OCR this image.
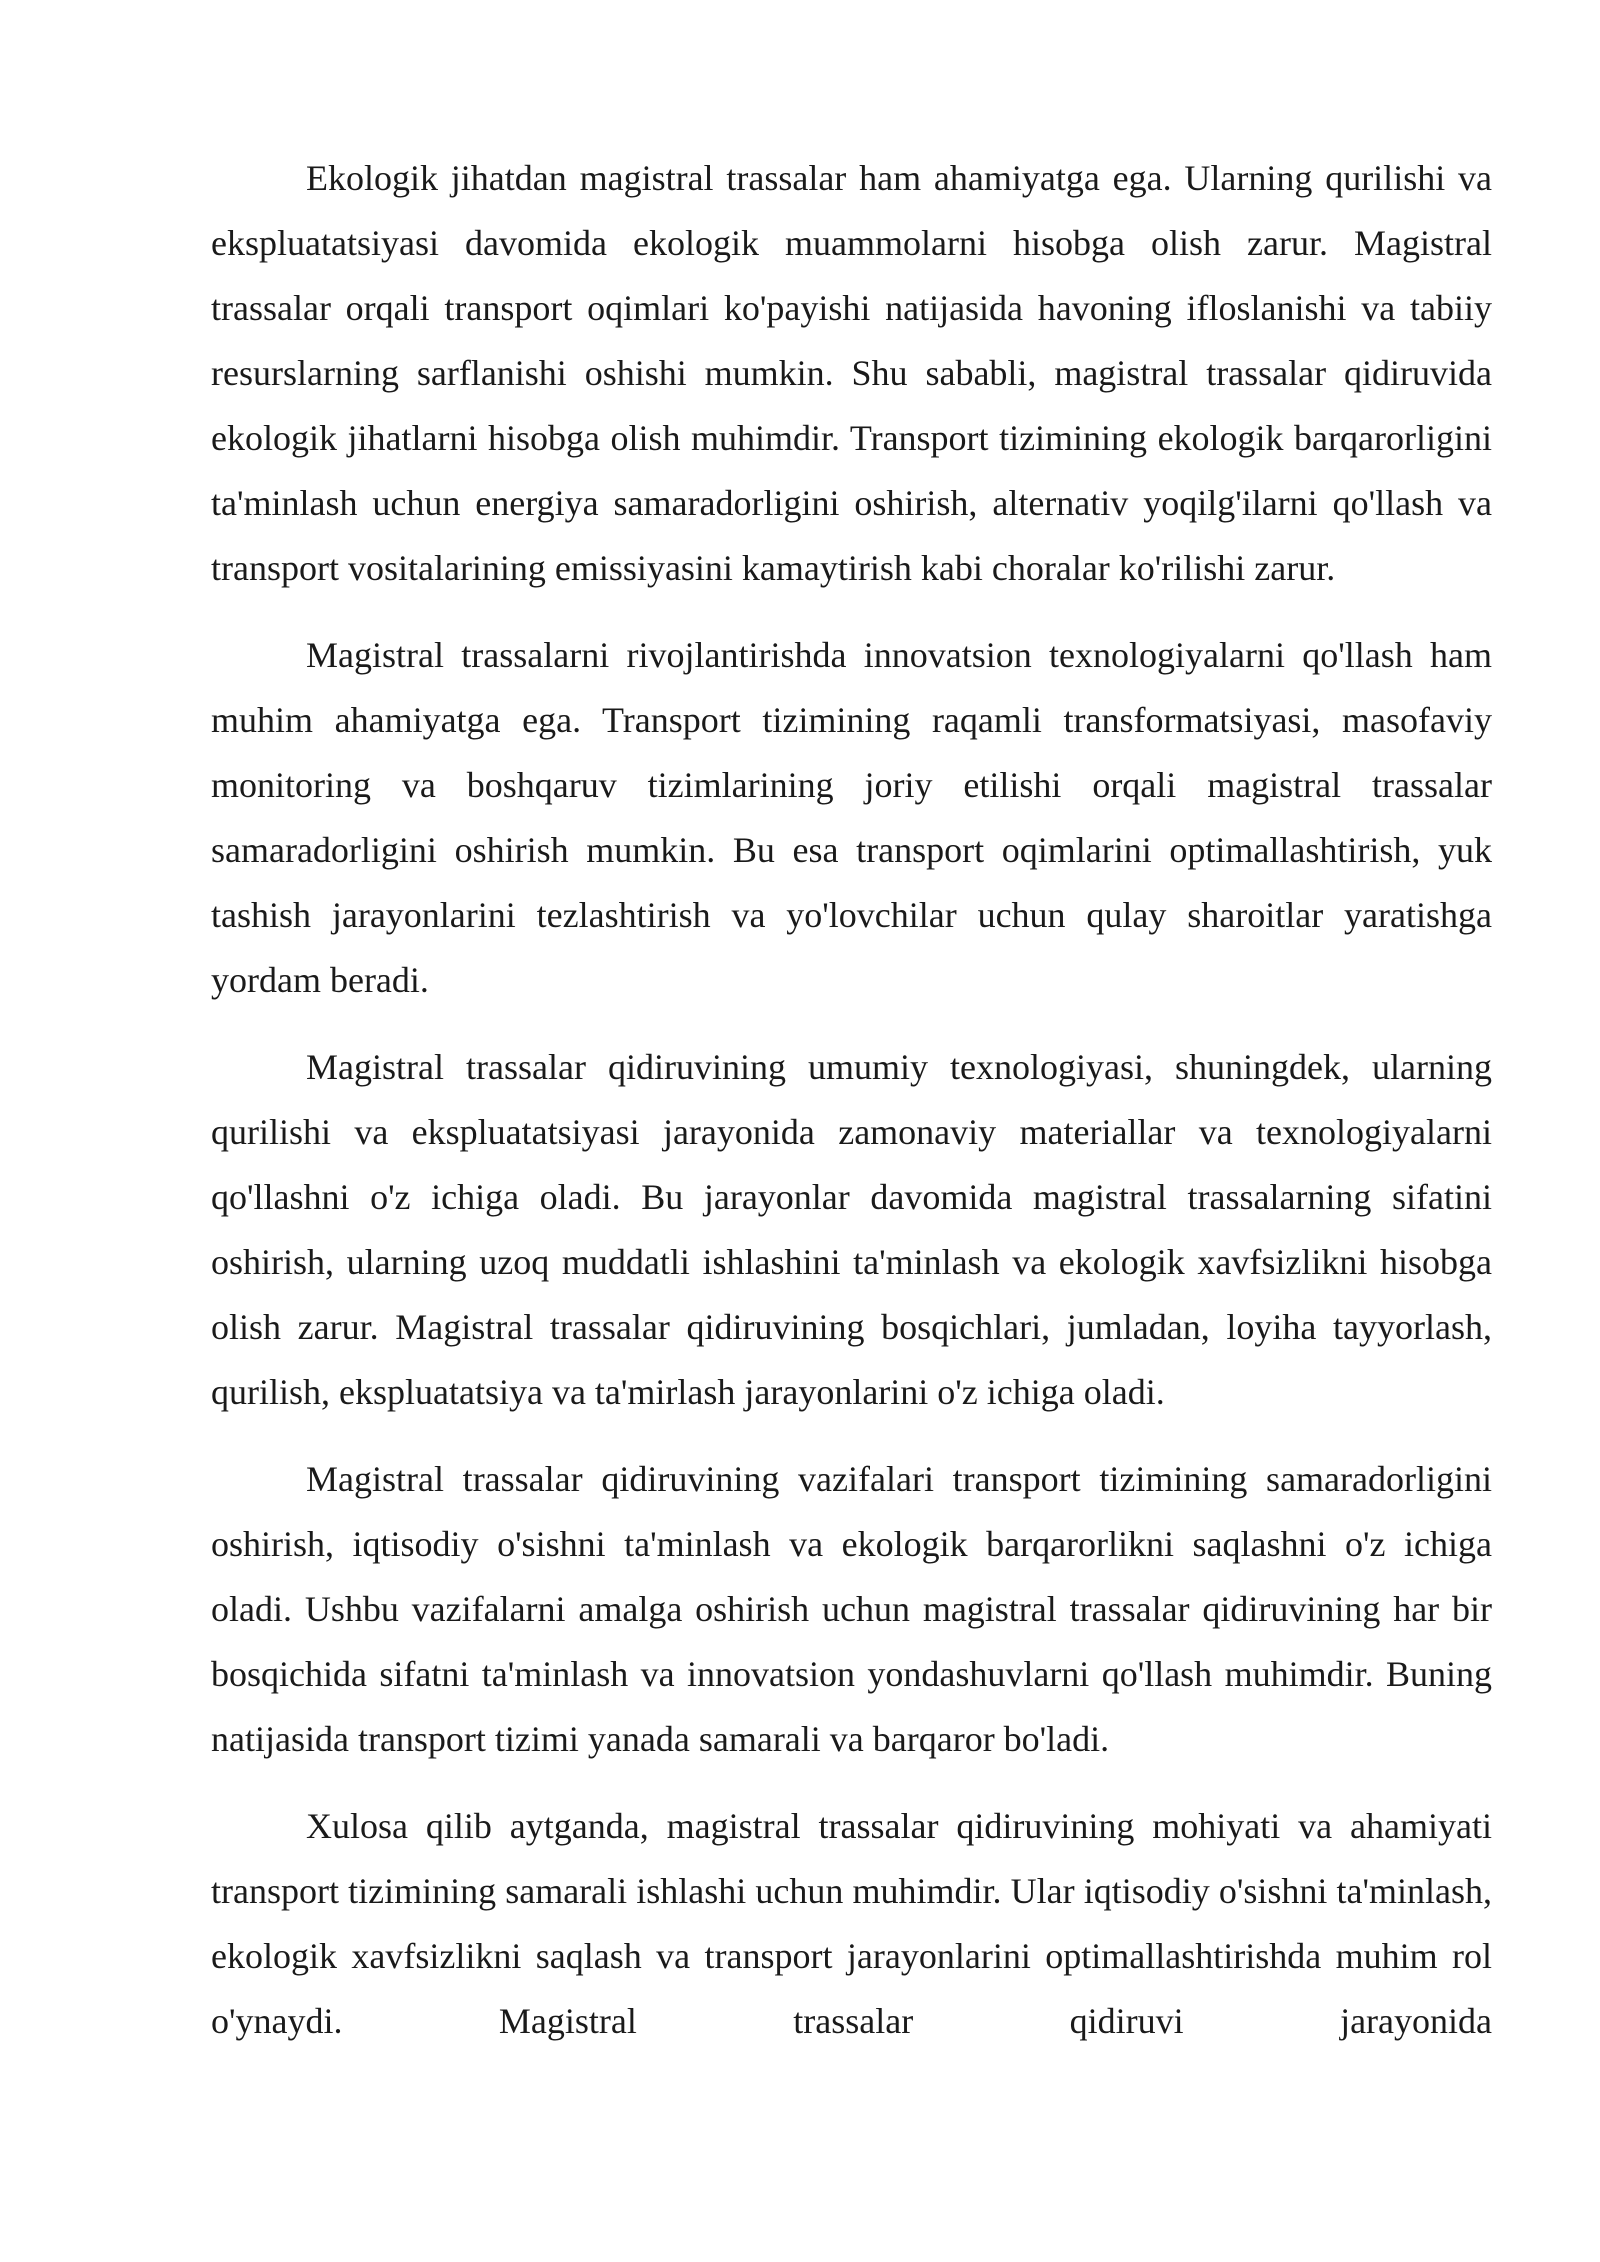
Ekologik jihatdan magistral trassalar ham ahamiyatga ega. Ularning qurilishi va ekspluatatsiyasi davomida ekologik muammolarni hisobga olish zarur. Magistral trassalar orqali transport oqimlari ko'payishi natijasida havoning ifloslanishi va tabiiy resurslarning sarflanishi oshishi mumkin. Shu sababli, magistral trassalar qidiruvida ekologik jihatlarni hisobga olish muhimdir. Transport tizimining ekologik barqarorligini ta'minlash uchun energiya samaradorligini oshirish, alternativ yoqilg'ilarni qo'llash va transport vositalarining emissiyasini kamaytirish kabi choralar ko'rilishi zarur.

Magistral trassalarni rivojlantirishda innovatsion texnologiyalarni qo'llash ham muhim ahamiyatga ega. Transport tizimining raqamli transformatsiyasi, masofaviy monitoring va boshqaruv tizimlarining joriy etilishi orqali magistral trassalar samaradorligini oshirish mumkin. Bu esa transport oqimlarini optimallashtirish, yuk tashish jarayonlarini tezlashtirish va yo'lovchilar uchun qulay sharoitlar yaratishga yordam beradi.

Magistral trassalar qidiruvining umumiy texnologiyasi, shuningdek, ularning qurilishi va ekspluatatsiyasi jarayonida zamonaviy materiallar va texnologiyalarni qo'llashni o'z ichiga oladi. Bu jarayonlar davomida magistral trassalarning sifatini oshirish, ularning uzoq muddatli ishlashini ta'minlash va ekologik xavfsizlikni hisobga olish zarur. Magistral trassalar qidiruvining bosqichlari, jumladan, loyiha tayyorlash, qurilish, ekspluatatsiya va ta'mirlash jarayonlarini o'z ichiga oladi.

Magistral trassalar qidiruvining vazifalari transport tizimining samaradorligini oshirish, iqtisodiy o'sishni ta'minlash va ekologik barqarorlikni saqlashni o'z ichiga oladi. Ushbu vazifalarni amalga oshirish uchun magistral trassalar qidiruvining har bir bosqichida sifatni ta'minlash va innovatsion yondashuvlarni qo'llash muhimdir. Buning natijasida transport tizimi yanada samarali va barqaror bo'ladi.

Xulosa qilib aytganda, magistral trassalar qidiruvining mohiyati va ahamiyati transport tizimining samarali ishlashi uchun muhimdir. Ular iqtisodiy o'sishni ta'minlash, ekologik xavfsizlikni saqlash va transport jarayonlarini optimallashtirishda muhim rol o'ynaydi. Magistral trassalar qidiruvi jarayonida
